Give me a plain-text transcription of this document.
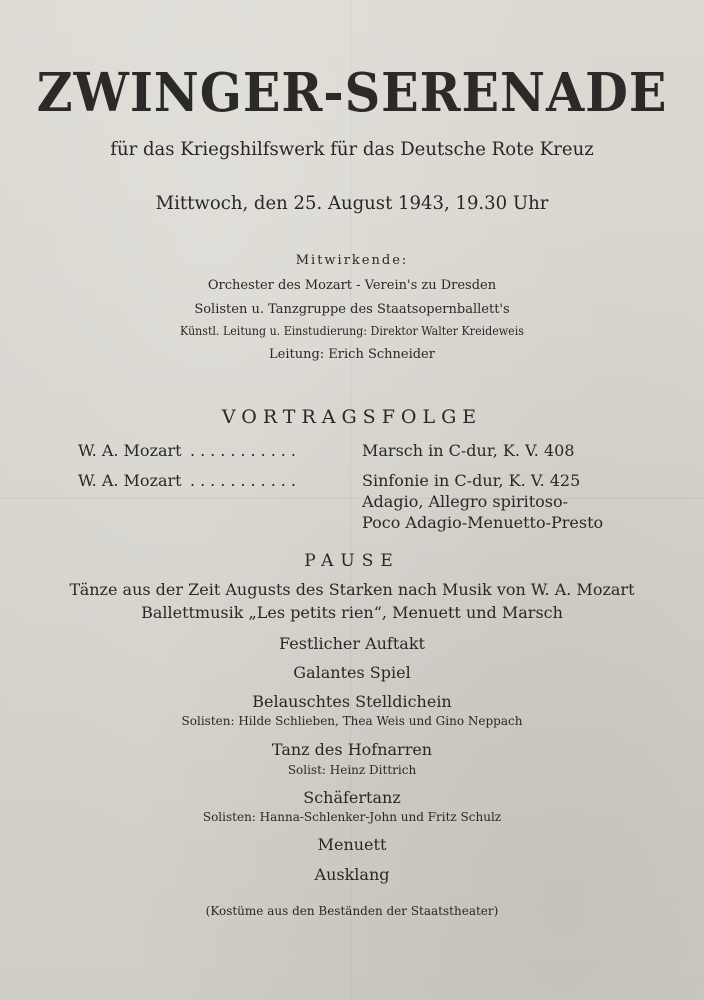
ZWINGER-SERENADE
für das Kriegshilfswerk für das Deutsche Rote Kreuz
Mittwoch, den 25. August 1943, 19.30 Uhr
Mitwirkende:
Orchester des Mozart - Verein's zu Dresden
Solisten u. Tanzgruppe des Staatsopernballett's
Künstl. Leitung u. Einstudierung: Direktor Walter Kreideweis
Leitung: Erich Schneider
VORTRAGSFOLGE
W. A. Mozart ...........	Marsch in C-dur, K. V. 408
W. A. Mozart ...........	Sinfonie in C-dur, K. V. 425
Adagio, Allegro spiritoso-
Poco Adagio-Menuetto-Presto
PAUSE
Tänze aus der Zeit Augusts des Starken nach Musik von W. A. Mozart
Ballettmusik „Les petits rien“, Menuett und Marsch
Festlicher Auftakt
Galantes Spiel
Belauschtes Stelldichein
Solisten: Hilde Schlieben, Thea Weis und Gino Neppach
Tanz des Hofnarren
Solist: Heinz Dittrich
Schäfertanz
Solisten: Hanna-Schlenker-John und Fritz Schulz
Menuett
Ausklang
(Kostüme aus den Beständen der Staatstheater)
